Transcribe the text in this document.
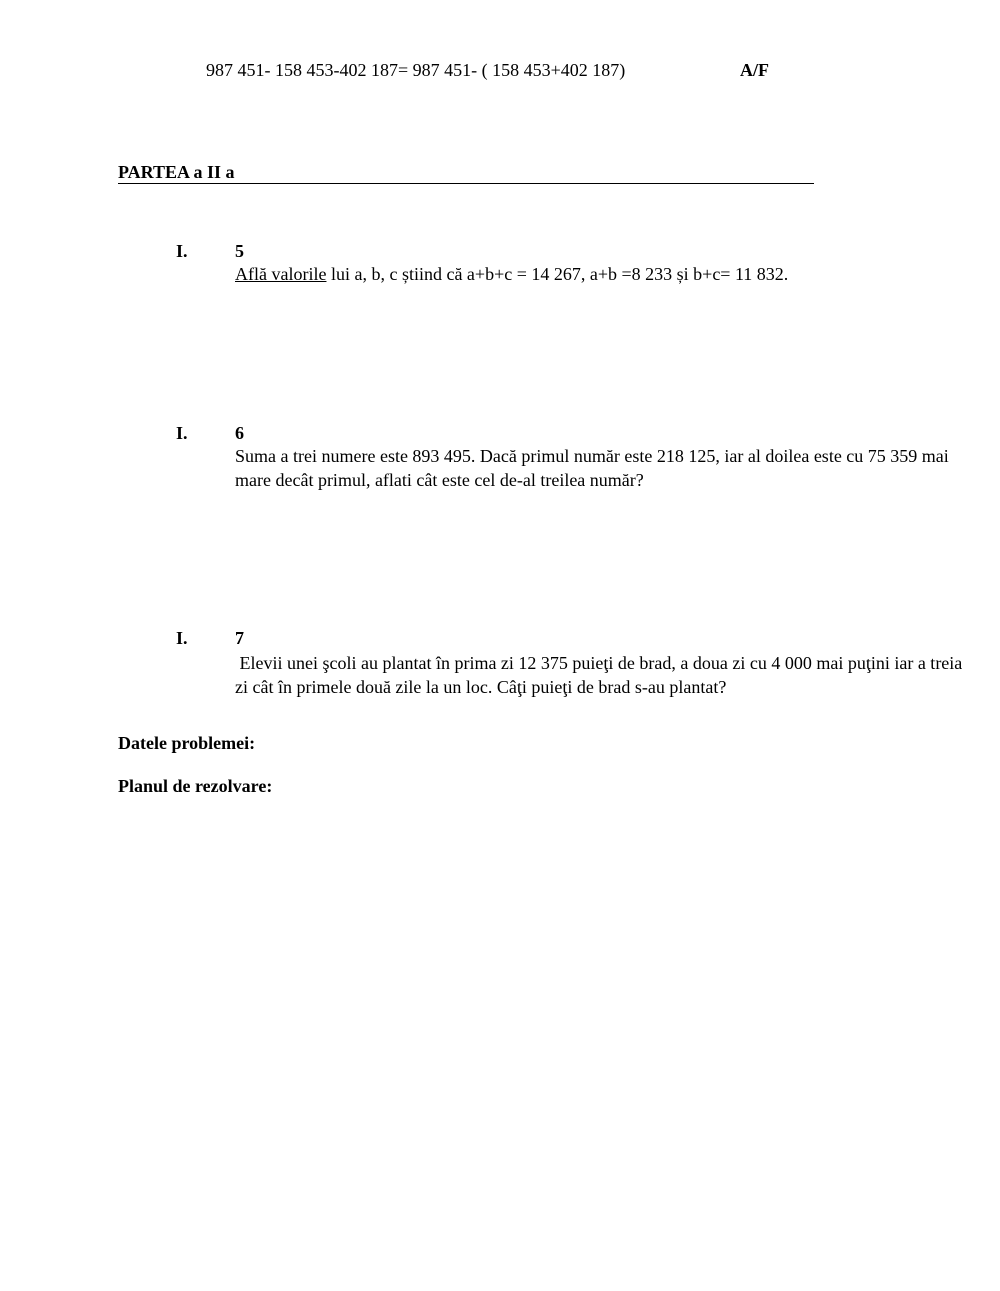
987 451- 158 453-402 187= 987 451- ( 158 453+402 187)	A/F
PARTEA a II a
I.	5
Află valorile lui a, b, c știind că a+b+c = 14 267, a+b =8 233 și b+c= 11 832.
I.	6
Suma a trei numere este 893 495. Dacă primul număr este 218 125, iar al doilea este cu 75 359 mai mare decât primul, aflati cât este cel de-al treilea număr?
I.	7
Elevii unei şcoli au plantat în prima zi 12 375 puieţi de brad, a doua zi cu 4 000 mai puţini iar a treia zi cât în primele două zile la un loc. Câţi puieţi de brad s-au plantat?
Datele problemei:
Planul de rezolvare:
